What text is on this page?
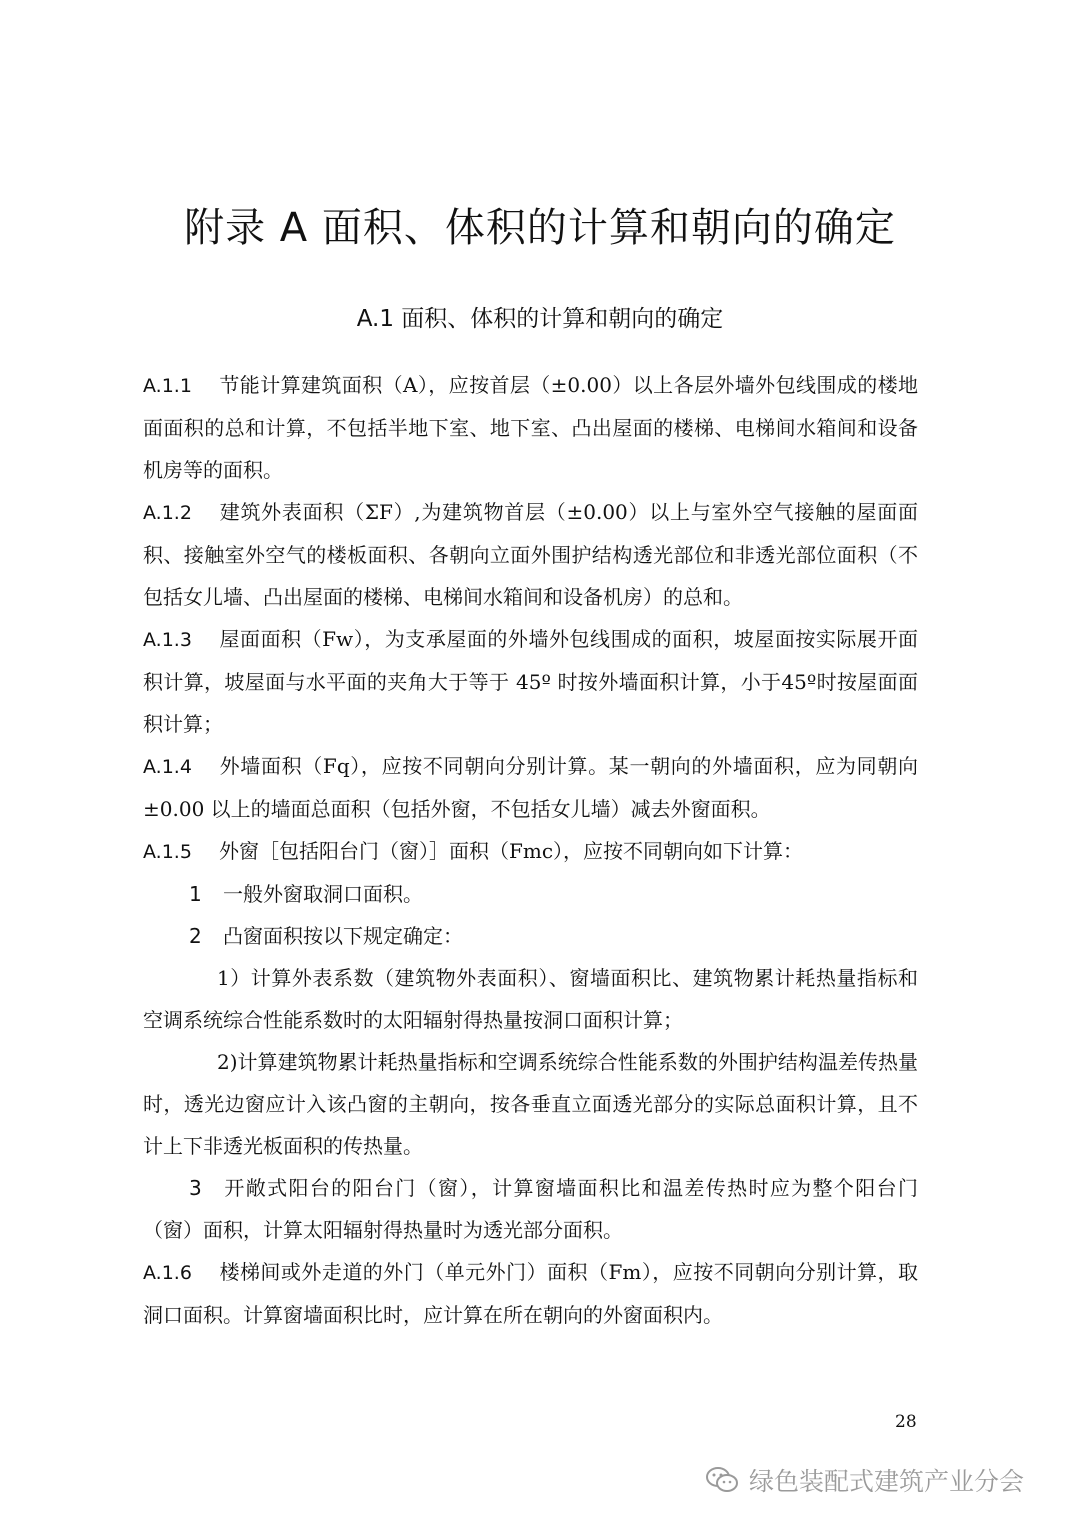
附录 A 面积、体积的计算和朝向的确定
A.1 面积、体积的计算和朝向的确定

A.1.1 节能计算建筑面积（A），应按首层（±0.00）以上各层外墙外包线围成的楼地面面积的总和计算，不包括半地下室、地下室、凸出屋面的楼梯、电梯间水箱间和设备机房等的面积。

A.1.2 建筑外表面积（ΣF）,为建筑物首层（±0.00）以上与室外空气接触的屋面面积、接触室外空气的楼板面积、各朝向立面外围护结构透光部位和非透光部位面积（不包括女儿墙、凸出屋面的楼梯、电梯间水箱间和设备机房）的总和。

A.1.3 屋面面积（Fw），为支承屋面的外墙外包线围成的面积，坡屋面按实际展开面积计算，坡屋面与水平面的夹角大于等于 45º 时按外墙面积计算，小于45º时按屋面面积计算；

A.1.4 外墙面积（Fq），应按不同朝向分别计算。某一朝向的外墙面积，应为同朝向±0.00 以上的墙面总面积（包括外窗，不包括女儿墙）减去外窗面积。

A.1.5 外窗［包括阳台门（窗）］面积（Fmc），应按不同朝向如下计算：

1 一般外窗取洞口面积。

2 凸窗面积按以下规定确定：

1）计算外表系数（建筑物外表面积）、窗墙面积比、建筑物累计耗热量指标和空调系统综合性能系数时的太阳辐射得热量按洞口面积计算；

2)计算建筑物累计耗热量指标和空调系统综合性能系数的外围护结构温差传热量时，透光边窗应计入该凸窗的主朝向，按各垂直立面透光部分的实际总面积计算，且不计上下非透光板面积的传热量。

3 开敞式阳台的阳台门（窗），计算窗墙面积比和温差传热时应为整个阳台门（窗）面积，计算太阳辐射得热量时为透光部分面积。

A.1.6 楼梯间或外走道的外门（单元外门）面积（Fm），应按不同朝向分别计算，取洞口面积。计算窗墙面积比时，应计算在所在朝向的外窗面积内。

28
绿色装配式建筑产业分会
